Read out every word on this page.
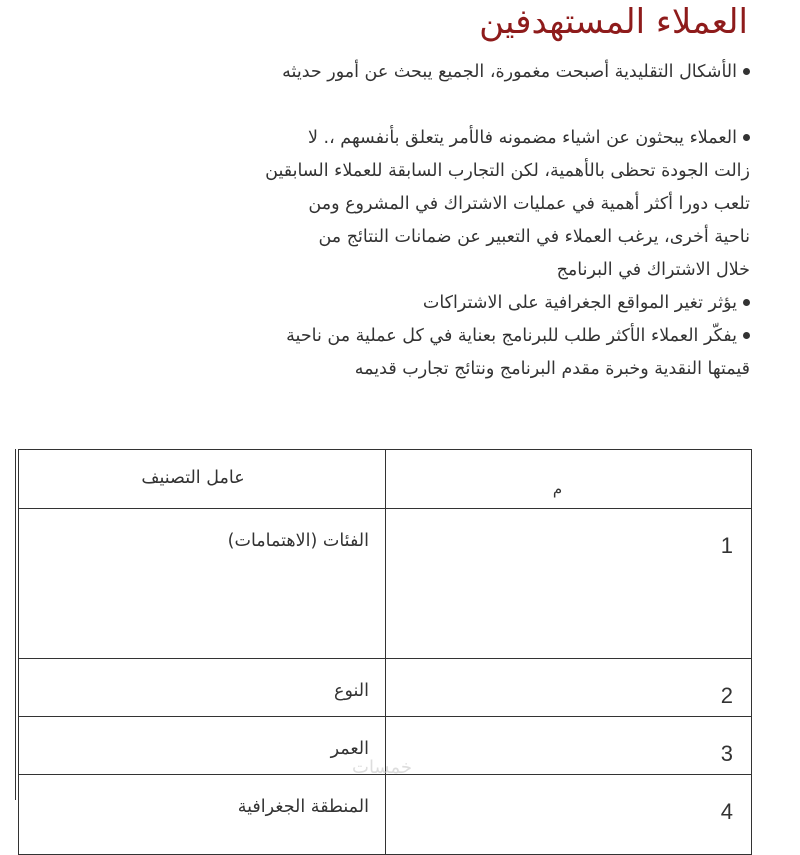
العملاء المستهدفين

الأشكال التقليدية أصبحت مغمورة، الجميع يبحث عن أمور حديثه

العملاء يبحثون عن اشياء مضمونه فالأمر يتعلق بأنفسهم ،. لا
زالت الجودة تحظى بالأهمية، لكن التجارب السابقة للعملاء السابقين
تلعب دورا أكثر أهمية في عمليات الاشتراك في المشروع ومن
ناحية أخرى، يرغب العملاء في التعبير عن ضمانات النتائج من
خلال الاشتراك في البرنامج

يؤثر تغير المواقع الجغرافية على الاشتراكات

يفكّر العملاء الأكثر طلب للبرنامج بعناية في كل عملية من ناحية
قيمتها النقدية وخبرة مقدم البرنامج ونتائج تجارب قديمه

م	عامل التصنيف
1	الفئات (الاهتمامات)
2	النوع
3	العمر
4	المنطقة الجغرافية
خمسات
